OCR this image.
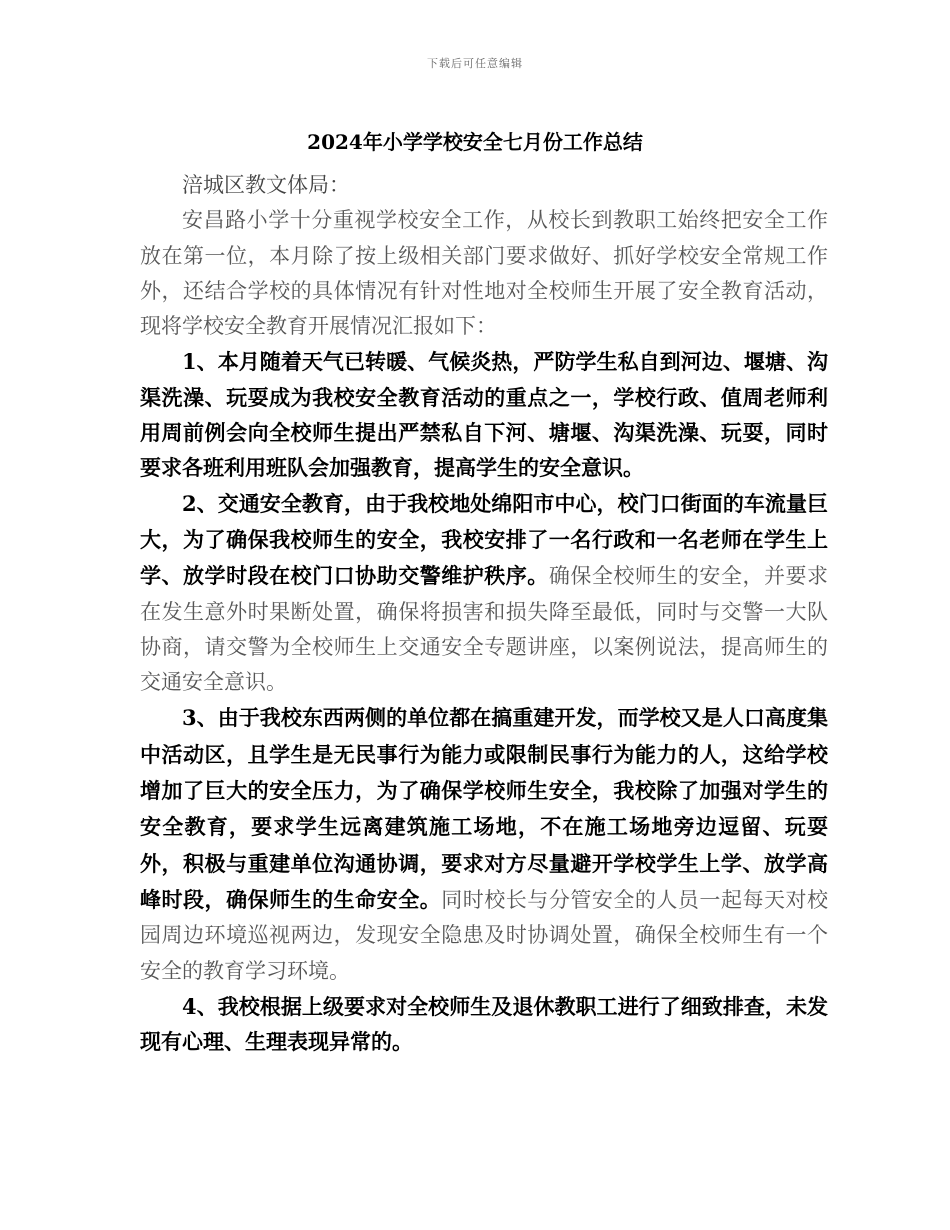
下载后可任意编辑
2024年小学学校安全七月份工作总结

涪城区教文体局：

安昌路小学十分重视学校安全工作，从校长到教职工始终把安全工作放在第一位，本月除了按上级相关部门要求做好、抓好学校安全常规工作外，还结合学校的具体情况有针对性地对全校师生开展了安全教育活动，现将学校安全教育开展情况汇报如下：

1、本月随着天气已转暖、气候炎热，严防学生私自到河边、堰塘、沟渠洗澡、玩耍成为我校安全教育活动的重点之一，学校行政、值周老师利用周前例会向全校师生提出严禁私自下河、塘堰、沟渠洗澡、玩耍，同时要求各班利用班队会加强教育，提高学生的安全意识。

2、交通安全教育，由于我校地处绵阳市中心，校门口街面的车流量巨大，为了确保我校师生的安全，我校安排了一名行政和一名老师在学生上学、放学时段在校门口协助交警维护秩序。确保全校师生的安全，并要求在发生意外时果断处置，确保将损害和损失降至最低，同时与交警一大队协商，请交警为全校师生上交通安全专题讲座，以案例说法，提高师生的交通安全意识。

3、由于我校东西两侧的单位都在搞重建开发，而学校又是人口高度集中活动区，且学生是无民事行为能力或限制民事行为能力的人，这给学校增加了巨大的安全压力，为了确保学校师生安全，我校除了加强对学生的安全教育，要求学生远离建筑施工场地，不在施工场地旁边逗留、玩耍外，积极与重建单位沟通协调，要求对方尽量避开学校学生上学、放学高峰时段，确保师生的生命安全。同时校长与分管安全的人员一起每天对校园周边环境巡视两边，发现安全隐患及时协调处置，确保全校师生有一个安全的教育学习环境。

4、我校根据上级要求对全校师生及退休教职工进行了细致排查，未发现有心理、生理表现异常的。
